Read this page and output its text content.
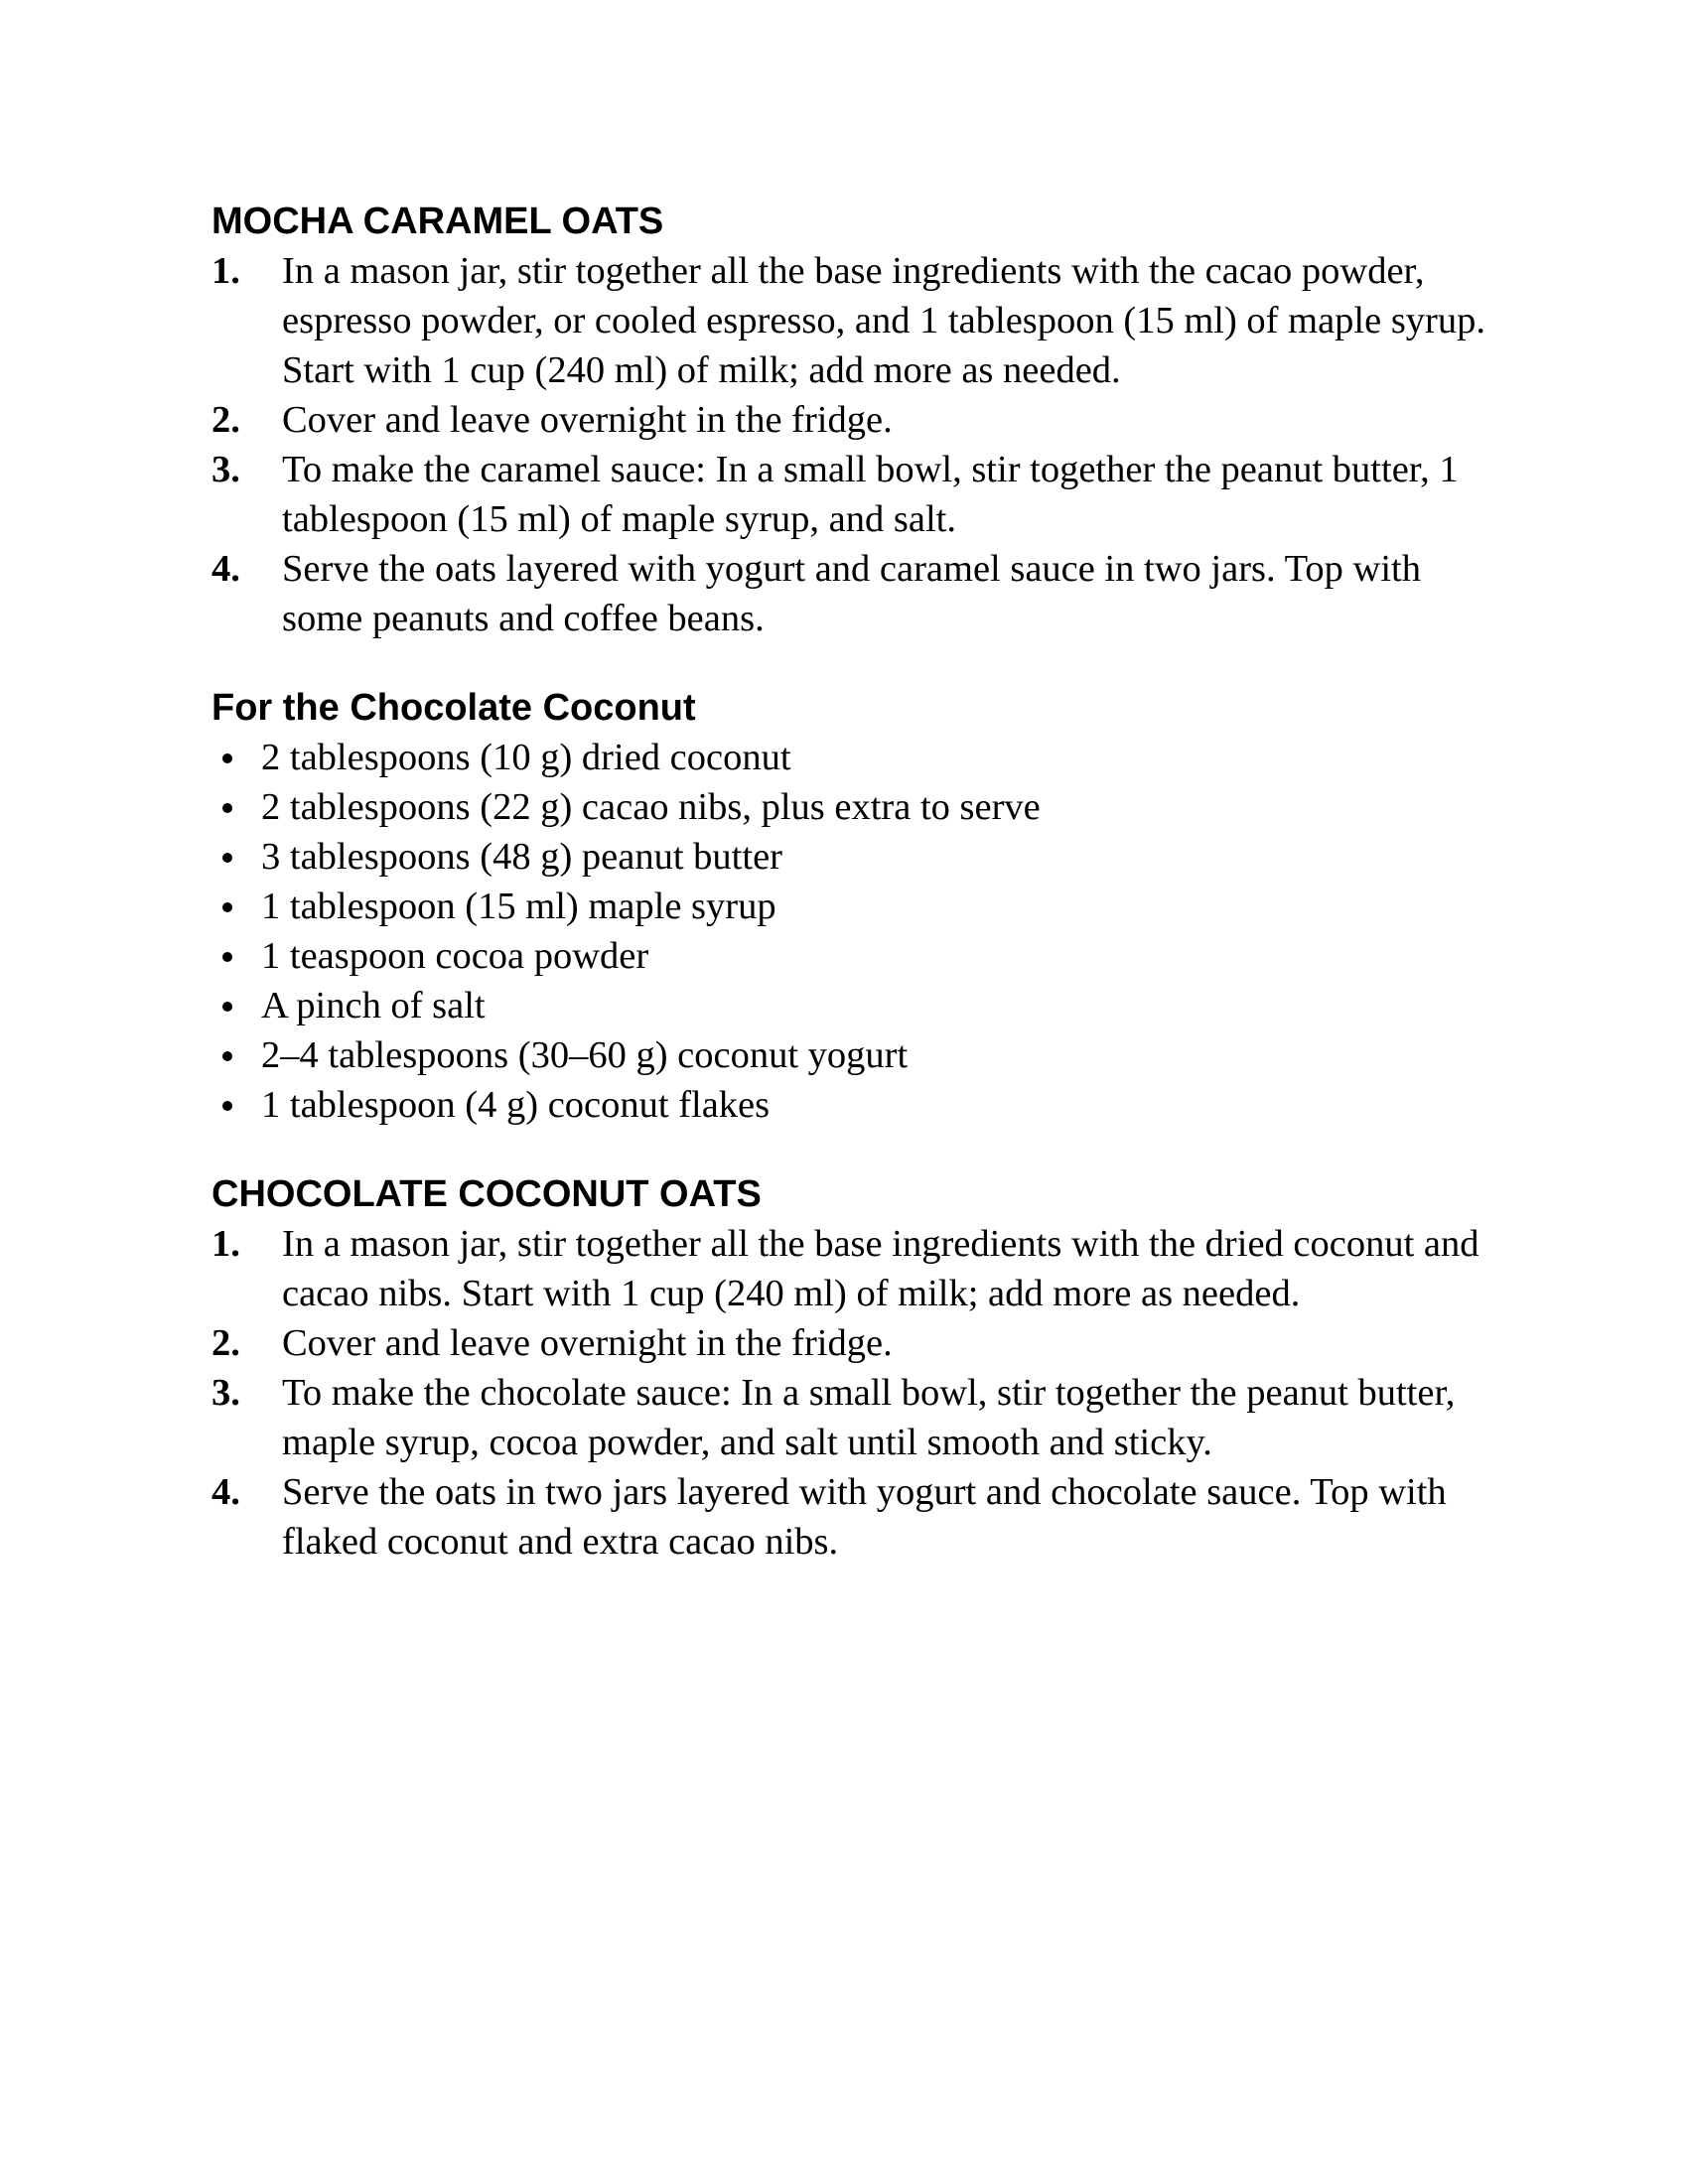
MOCHA CARAMEL OATS
1. In a mason jar, stir together all the base ingredients with the cacao powder, espresso powder, or cooled espresso, and 1 tablespoon (15 ml) of maple syrup. Start with 1 cup (240 ml) of milk; add more as needed.
2. Cover and leave overnight in the fridge.
3. To make the caramel sauce: In a small bowl, stir together the peanut butter, 1 tablespoon (15 ml) of maple syrup, and salt.
4. Serve the oats layered with yogurt and caramel sauce in two jars. Top with some peanuts and coffee beans.
For the Chocolate Coconut
2 tablespoons (10 g) dried coconut
2 tablespoons (22 g) cacao nibs, plus extra to serve
3 tablespoons (48 g) peanut butter
1 tablespoon (15 ml) maple syrup
1 teaspoon cocoa powder
A pinch of salt
2–4 tablespoons (30–60 g) coconut yogurt
1 tablespoon (4 g) coconut flakes
CHOCOLATE COCONUT OATS
1. In a mason jar, stir together all the base ingredients with the dried coconut and cacao nibs. Start with 1 cup (240 ml) of milk; add more as needed.
2. Cover and leave overnight in the fridge.
3. To make the chocolate sauce: In a small bowl, stir together the peanut butter, maple syrup, cocoa powder, and salt until smooth and sticky.
4. Serve the oats in two jars layered with yogurt and chocolate sauce. Top with flaked coconut and extra cacao nibs.
